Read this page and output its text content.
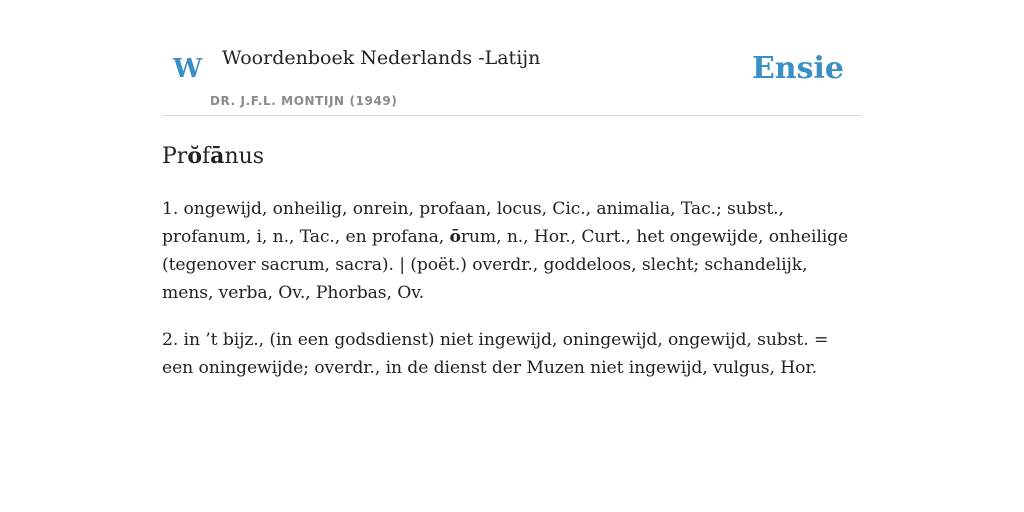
W Woordenboek Nederlands -Latijn
DR. J.F.L. MONTIJN (1949)
Ensie
Prŏfānus

1. ongewijd, onheilig, onrein, profaan, locus, Cic., animalia, Tac.; subst., profanum, i, n., Tac., en profana, ōrum, n., Hor., Curt., het ongewijde, onheilige (tegenover sacrum, sacra). | (poët.) overdr., goddeloos, slecht; schandelijk, mens, verba, Ov., Phorbas, Ov.

2. in ’t bijz., (in een godsdienst) niet ingewijd, oningewijd, ongewijd, subst. = een oningewijde; overdr., in de dienst der Muzen niet ingewijd, vulgus, Hor.
